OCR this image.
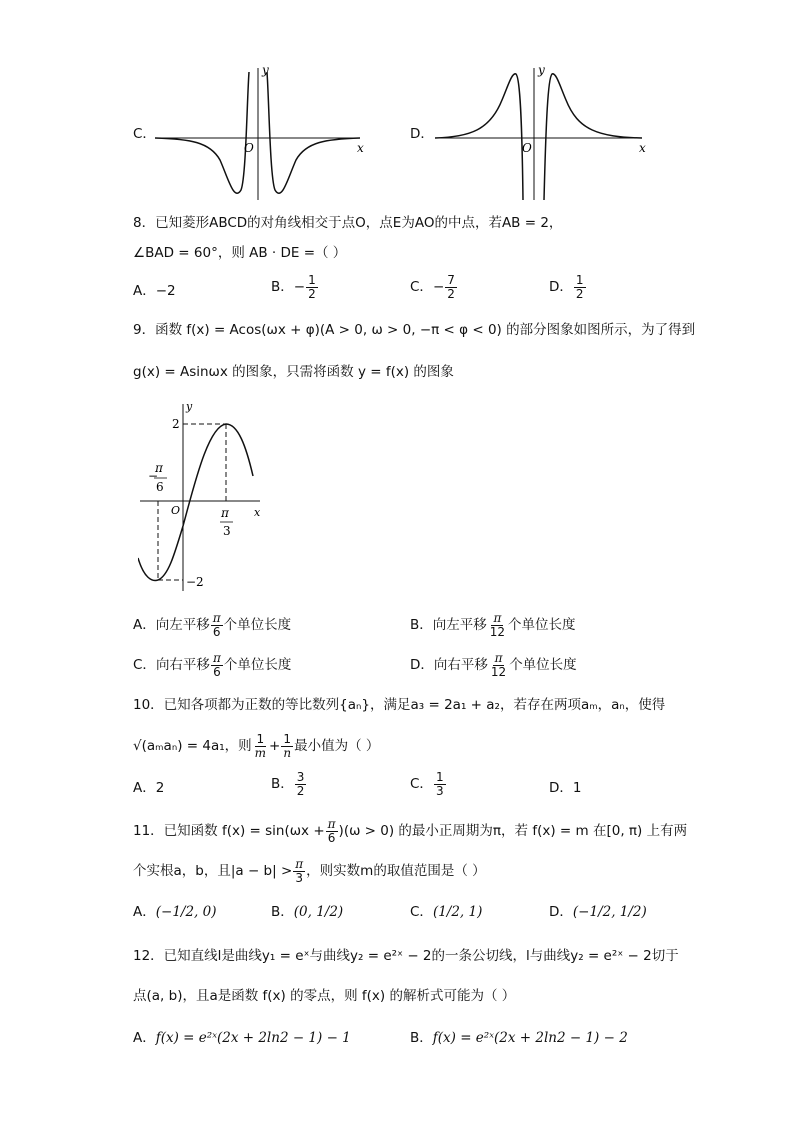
C．
y
x
O
D．
y
x
O
8．已知菱形ABCD的对角线相交于点O，点E为AO的中点，若AB = 2，
∠BAD = 60°，则 AB · DE =（ ）
A．−2	B．− $\frac{1}{2}$	C．− $\frac{7}{2}$	D． $\frac{1}{2}$
9．函数 f(x) = Acos(ωx + φ)(A > 0, ω > 0, −π < φ < 0) 的部分图象如图所示，为了得到
g(x) = Asinωx 的图象，只需将函数 y = f(x) 的图象
y
x
O
2
−2
−
π
6
π
3
A．向左平移 $\frac{\pi}{6}$ 个单位长度	B．向左平移 $\frac{\pi}{12}$ 个单位长度
C．向右平移 $\frac{\pi}{6}$ 个单位长度	D．向右平移 $\frac{\pi}{12}$ 个单位长度
10．已知各项都为正数的等比数列{aₙ}，满足a₃ = 2a₁ + a₂，若存在两项aₘ，aₙ，使得
√(aₘaₙ) = 4a₁，则 $\frac{1}{m} + \frac{1}{n}$ 最小值为（ ）
A．2	B． $\frac{3}{2}$	C． $\frac{1}{3}$	D．1
11．已知函数 $f(x) = \sin(\omega x + \frac{\pi}{6} )(\omega > 0)$ 的最小正周期为π，若 f(x) = m 在[0, π) 上有两
个实根a，b，且$|a - b| > \frac{\pi}{3}$ ，则实数m的取值范围是（ ）
A．(−1/2, 0)	B．(0, 1/2)	C．(1/2, 1)	D．(−1/2, 1/2)
12．已知直线l是曲线y₁ = eˣ与曲线y₂ = e²ˣ − 2的一条公切线，l与曲线y₂ = e²ˣ − 2切于
点(a, b)，且a是函数 f(x) 的零点，则 f(x) 的解析式可能为（ ）
A．f(x) = e²ˣ(2x + 2ln2 − 1) − 1	B．f(x) = e²ˣ(2x + 2ln2 − 1) − 2
